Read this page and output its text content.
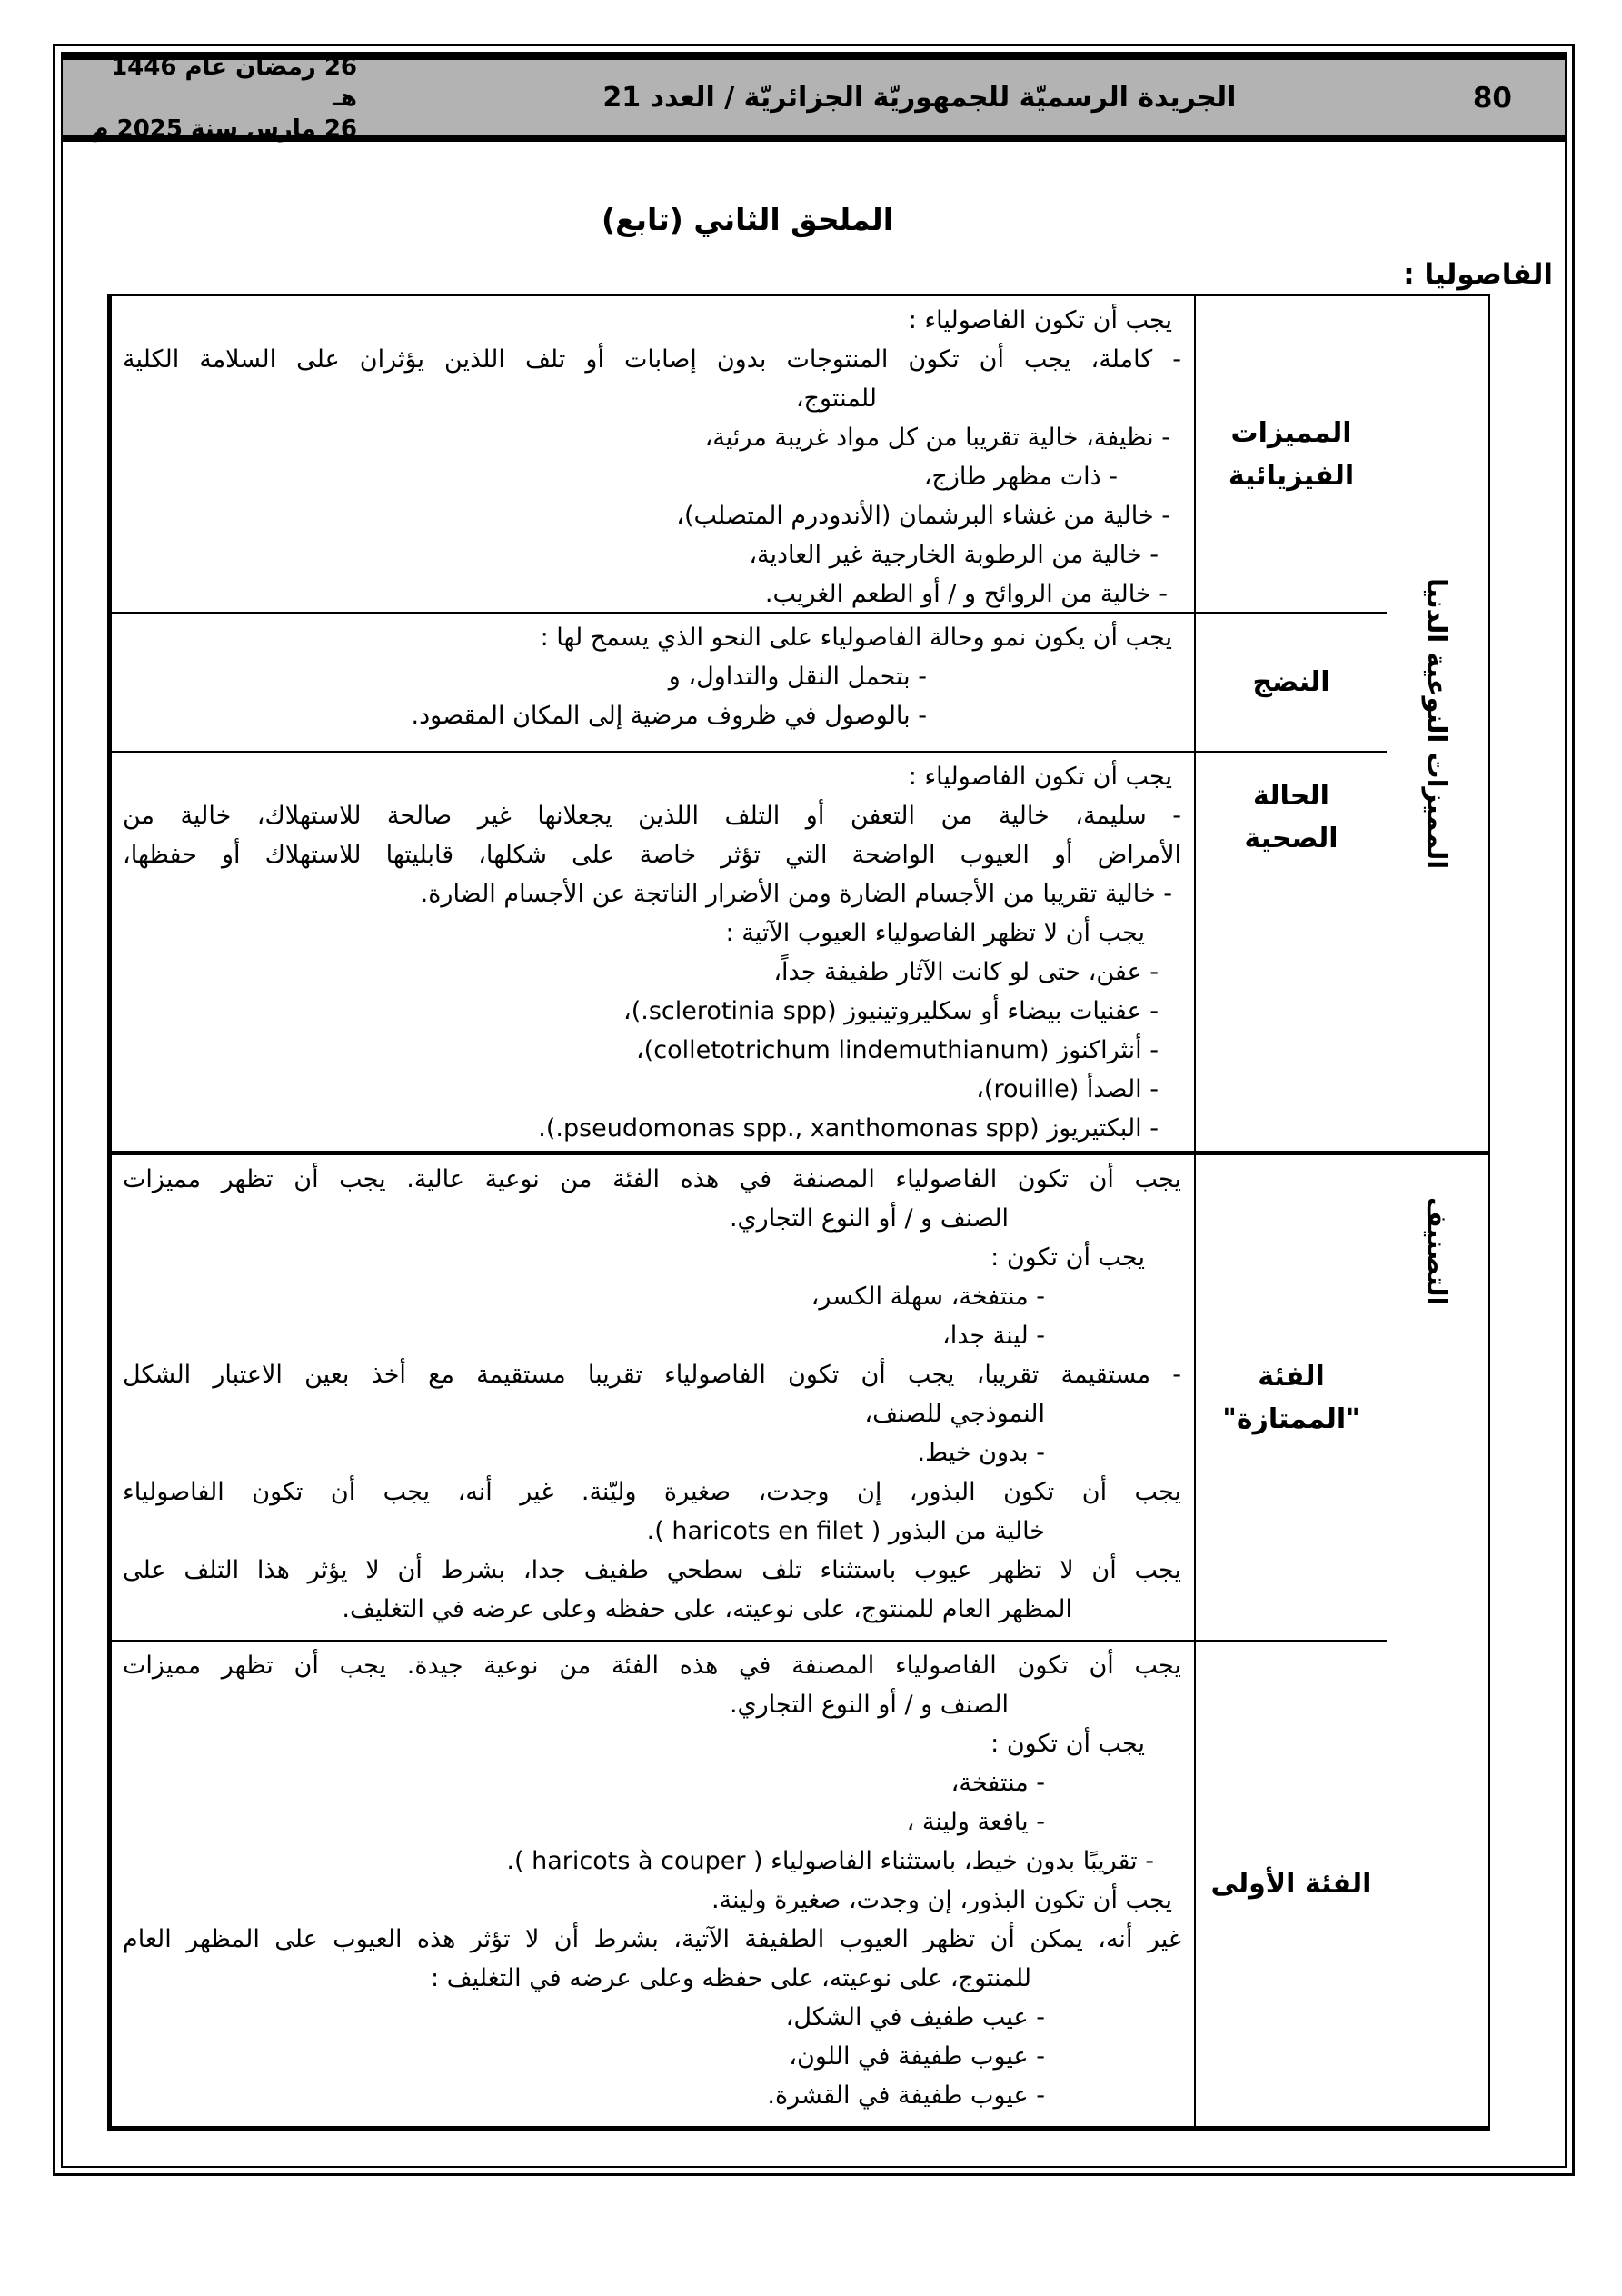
26 رمضان عام 1446 هـ
26 مارس سنة 2025 م
الجريدة الرسميّة للجمهوريّة الجزائريّة / العدد 21	80
الملحق الثاني (تابع)
الفاصوليا :
المميزات النوعية الدنيا
التصنيف
المميزات
الفيزيائية
يجب أن تكون الفاصولياء :
- كاملة، يجب أن تكون المنتوجات بدون إصابات أو تلف اللذين يؤثران على السلامة الكلية
للمنتوج،
- نظيفة، خالية تقريبا من كل مواد غريبة مرئية،
- ذات مظهر طازج،
- خالية من غشاء البرشمان (الأندودرم المتصلب)،
- خالية من الرطوبة الخارجية غير العادية،
- خالية من الروائح و / أو الطعم الغريب.
النضج
يجب أن يكون نمو وحالة الفاصولياء على النحو الذي يسمح لها :
- بتحمل النقل والتداول، و
- بالوصول في ظروف مرضية إلى المكان المقصود.
الحالة
الصحية
يجب أن تكون الفاصولياء :
- سليمة، خالية من التعفن أو التلف اللذين يجعلانها غير صالحة للاستهلاك، خالية من
الأمراض أو العيوب الواضحة التي تؤثر خاصة على شكلها، قابليتها للاستهلاك أو حفظها،
- خالية تقريبا من الأجسام الضارة ومن الأضرار الناتجة عن الأجسام الضارة.
يجب أن لا تظهر الفاصولياء العيوب الآتية :
- عفن، حتى لو كانت الآثار طفيفة جداً،
- عفنيات بيضاء أو سكليروتينيوز (sclerotinia spp.)،
- أنثراكنوز (colletotrichum lindemuthianum)،
- الصدأ (rouille)،
- البكتيريوز (pseudomonas spp., xanthomonas spp.).
الفئة
"الممتازة"
يجب أن تكون الفاصولياء المصنفة في هذه الفئة من نوعية عالية. يجب أن تظهر مميزات
الصنف و / أو النوع التجاري.
يجب أن تكون :
- منتفخة، سهلة الكسر،
- لينة جدا،
- مستقيمة تقريبا، يجب أن تكون الفاصولياء تقريبا مستقيمة مع أخذ بعين الاعتبار الشكل
النموذجي للصنف،
- بدون خيط.
يجب أن تكون البذور، إن وجدت، صغيرة وليّنة. غير أنه، يجب أن تكون الفاصولياء
خالية من البذور ( haricots en filet ).
يجب أن لا تظهر عيوب باستثناء تلف سطحي طفيف جدا، بشرط أن لا يؤثر هذا التلف على
المظهر العام للمنتوج، على نوعيته، على حفظه وعلى عرضه في التغليف.
الفئة الأولى
يجب أن تكون الفاصولياء المصنفة في هذه الفئة من نوعية جيدة. يجب أن تظهر مميزات
الصنف و / أو النوع التجاري.
يجب أن تكون :
- منتفخة،
- يافعة ولينة ،
- تقريبًا بدون خيط، باستثناء الفاصولياء ( haricots à couper ).
يجب أن تكون البذور، إن وجدت، صغيرة ولينة.
غير أنه، يمكن أن تظهر العيوب الطفيفة الآتية، بشرط أن لا تؤثر هذه العيوب على المظهر العام
للمنتوج، على نوعيته، على حفظه وعلى عرضه في التغليف :
- عيب طفيف في الشكل،
- عيوب طفيفة في اللون،
- عيوب طفيفة في القشرة.
